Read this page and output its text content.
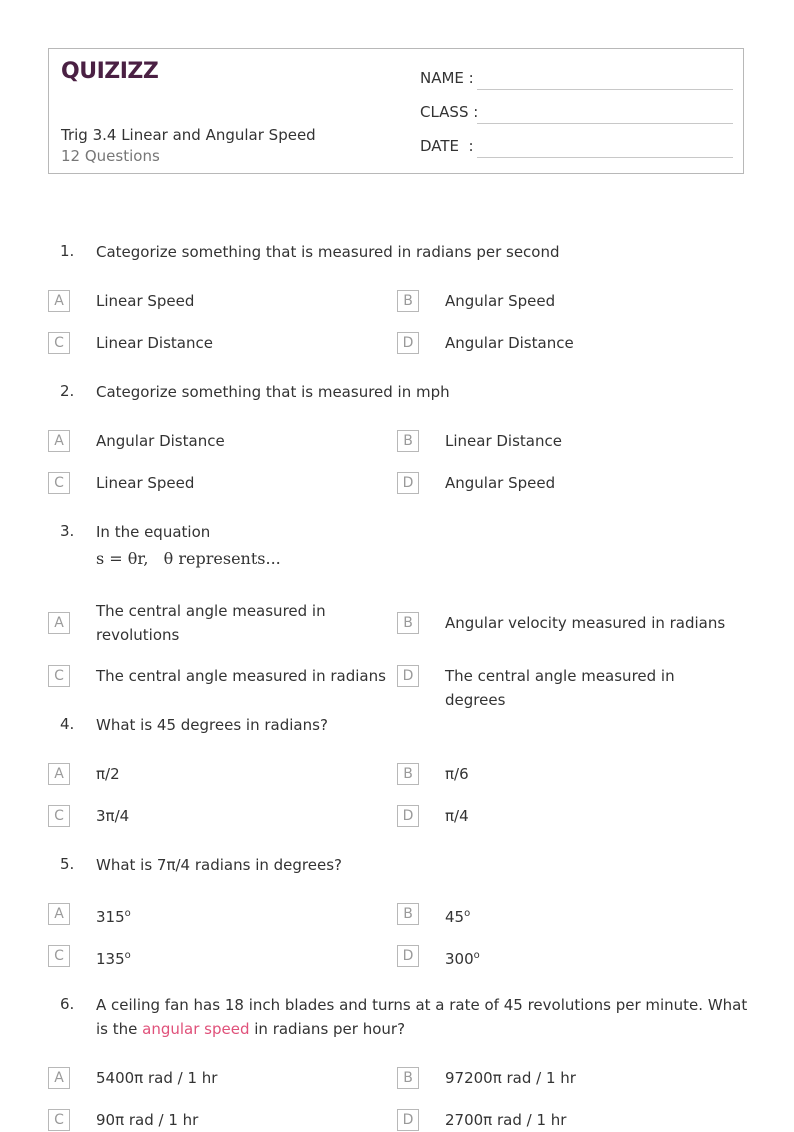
QUIZIZZ
Trig 3.4 Linear and Angular Speed
12 Questions
NAME :
CLASS :
DATE  :
1. Categorize something that is measured in radians per second
A	Linear Speed	B	Angular Speed
C	Linear Distance	D	Angular Distance
2. Categorize something that is measured in mph
A	Angular Distance	B	Linear Distance
C	Linear Speed	D	Angular Speed
3. In the equation
s = θr,   θ represents...
A
The central angle measured in revolutions
B	Angular velocity measured in radians
C	The central angle measured in radians	D	The central angle measured in degrees
4. What is 45 degrees in radians?
A	π/2	B	π/6
C	3π/4	D	π/4
5. What is 7π/4 radians in degrees?
A	315$^o$	B	45$^o$
C	135$^o$	D	300$^o$
6. A ceiling fan has 18 inch blades and turns at a rate of 45 revolutions per minute. What is the angular speed in radians per hour?
A	5400π rad / 1 hr	B	97200π rad / 1 hr
C	90π rad / 1 hr	D	2700π rad / 1 hr
